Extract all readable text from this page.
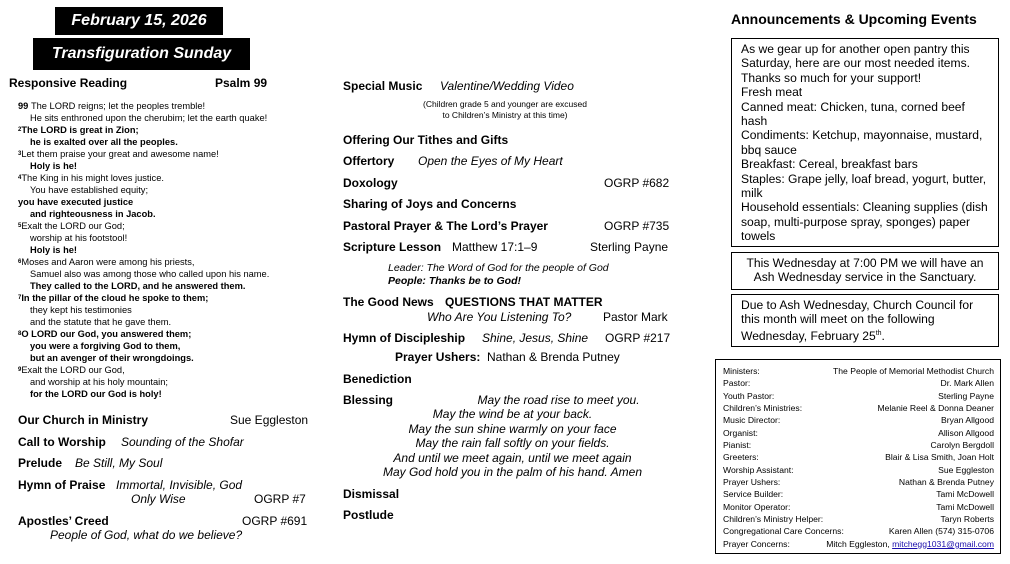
February 15, 2026
Transfiguration Sunday
Responsive Reading	Psalm 99
99 The LORD reigns; let the peoples tremble!
He sits enthroned upon the cherubim; let the earth quake!
$^2$The LORD is great in Zion;
he is exalted over all the peoples.
$^3$Let them praise your great and awesome name!
Holy is he!
$^4$The King in his might loves justice.
You have established equity;
you have executed justice
and righteousness in Jacob.
$^5$Exalt the LORD our God;
worship at his footstool!
Holy is he!
$^6$Moses and Aaron were among his priests,
Samuel also was among those who called upon his name.
They called to the LORD, and he answered them.
$^7$In the pillar of the cloud he spoke to them;
they kept his testimonies
and the statute that he gave them.
$^8$O LORD our God, you answered them;
you were a forgiving God to them,
but an avenger of their wrongdoings.
$^9$Exalt the LORD our God,
and worship at his holy mountain;
for the LORD our God is holy!
Our Church in Ministry	Sue Eggleston
Call to Worship Sounding of the Shofar
Prelude Be Still, My Soul
Hymn of Praise Immortal, Invisible, God
Only Wise	OGRP #7
Apostles’ Creed	OGRP #691
People of God, what do we believe?
Special Music Valentine/Wedding Video
(Children grade 5 and younger are excused
to Children’s Ministry at this time)
Offering Our Tithes and Gifts
Offertory Open the Eyes of My Heart
Doxology	OGRP #682
Sharing of Joys and Concerns
Pastoral Prayer & The Lord’s Prayer	OGRP #735
Scripture Lesson Matthew 17:1–9	Sterling Payne
Leader: The Word of God for the people of God
People: Thanks be to God!
The Good News QUESTIONS THAT MATTER
Who Are You Listening To?	Pastor Mark
Hymn of Discipleship Shine, Jesus, Shine OGRP #217
Prayer Ushers: Nathan & Brenda Putney
Benediction
Blessing	May the road rise to meet you.
May the wind be at your back.
May the sun shine warmly on your face
May the rain fall softly on your fields.
And until we meet again, until we meet again
May God hold you in the palm of his hand. Amen
Dismissal
Postlude
Announcements & Upcoming Events
As we gear up for another open pantry this Saturday, here are our most needed items.
Thanks so much for your support!
Fresh meat
Canned meat: Chicken, tuna, corned beef hash
Condiments: Ketchup, mayonnaise, mustard, bbq sauce
Breakfast: Cereal, breakfast bars
Staples: Grape jelly, loaf bread, yogurt, butter, milk
Household essentials: Cleaning supplies (dish soap, multi-purpose spray, sponges) paper towels
This Wednesday at 7:00 PM we will have an Ash Wednesday service in the Sanctuary.
Due to Ash Wednesday, Church Council for this month will meet on the following Wednesday, February 25th.
Ministers:	The People of Memorial Methodist Church
Pastor:	Dr. Mark Allen
Youth Pastor:	Sterling Payne
Children’s Ministries:	Melanie Reel & Donna Deaner
Music Director:	Bryan Allgood
Organist:	Allison Allgood
Pianist:	Carolyn Bergdoll
Greeters:	Blair & Lisa Smith, Joan Holt
Worship Assistant:	Sue Eggleston
Prayer Ushers:	Nathan & Brenda Putney
Service Builder:	Tami McDowell
Monitor Operator:	Tami McDowell
Children’s Ministry Helper:	Taryn Roberts
Congregational Care Concerns:	Karen Allen (574) 315-0706
Prayer Concerns:	Mitch Eggleston, mitchegg1031@gmail.com
